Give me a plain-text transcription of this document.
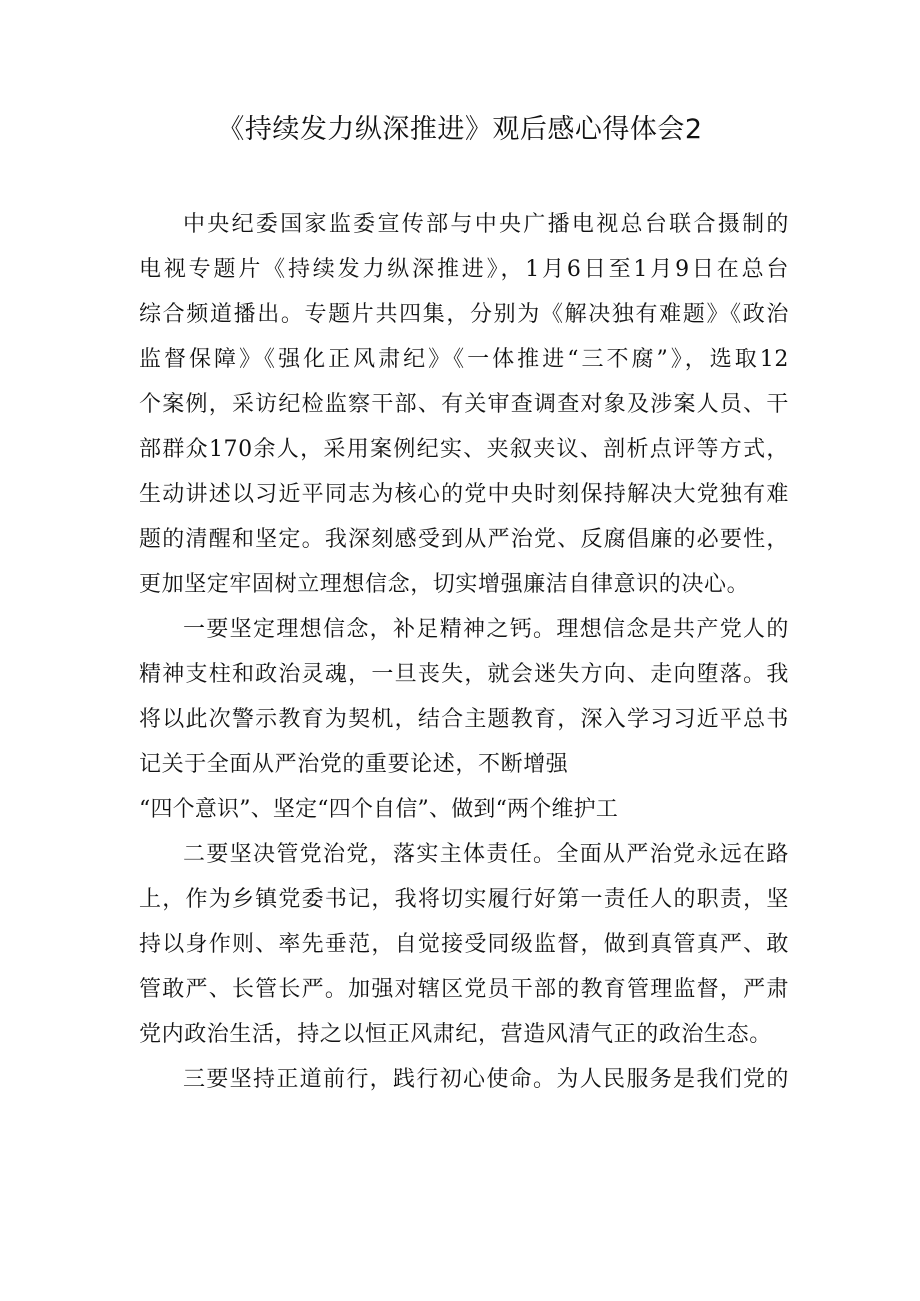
《持续发力纵深推进》观后感心得体会2
中央纪委国家监委宣传部与中央广播电视总台联合摄制的
电视专题片《持续发力纵深推进》，1月6日至1月9日在总台
综合频道播出。专题片共四集，分别为《解决独有难题》《政治
监督保障》《强化正风肃纪》《一体推进“三不腐”》，选取12
个案例，采访纪检监察干部、有关审查调查对象及涉案人员、干
部群众170余人，采用案例纪实、夹叙夹议、剖析点评等方式，
生动讲述以习近平同志为核心的党中央时刻保持解决大党独有难
题的清醒和坚定。我深刻感受到从严治党、反腐倡廉的必要性，
更加坚定牢固树立理想信念，切实增强廉洁自律意识的决心。
一要坚定理想信念，补足精神之钙。理想信念是共产党人的
精神支柱和政治灵魂，一旦丧失，就会迷失方向、走向堕落。我
将以此次警示教育为契机，结合主题教育，深入学习习近平总书
记关于全面从严治党的重要论述，不断增强
“四个意识”、坚定“四个自信”、做到“两个维护工
二要坚决管党治党，落实主体责任。全面从严治党永远在路
上，作为乡镇党委书记，我将切实履行好第一责任人的职责，坚
持以身作则、率先垂范，自觉接受同级监督，做到真管真严、敢
管敢严、长管长严。加强对辖区党员干部的教育管理监督，严肃
党内政治生活，持之以恒正风肃纪，营造风清气正的政治生态。
三要坚持正道前行，践行初心使命。为人民服务是我们党的
